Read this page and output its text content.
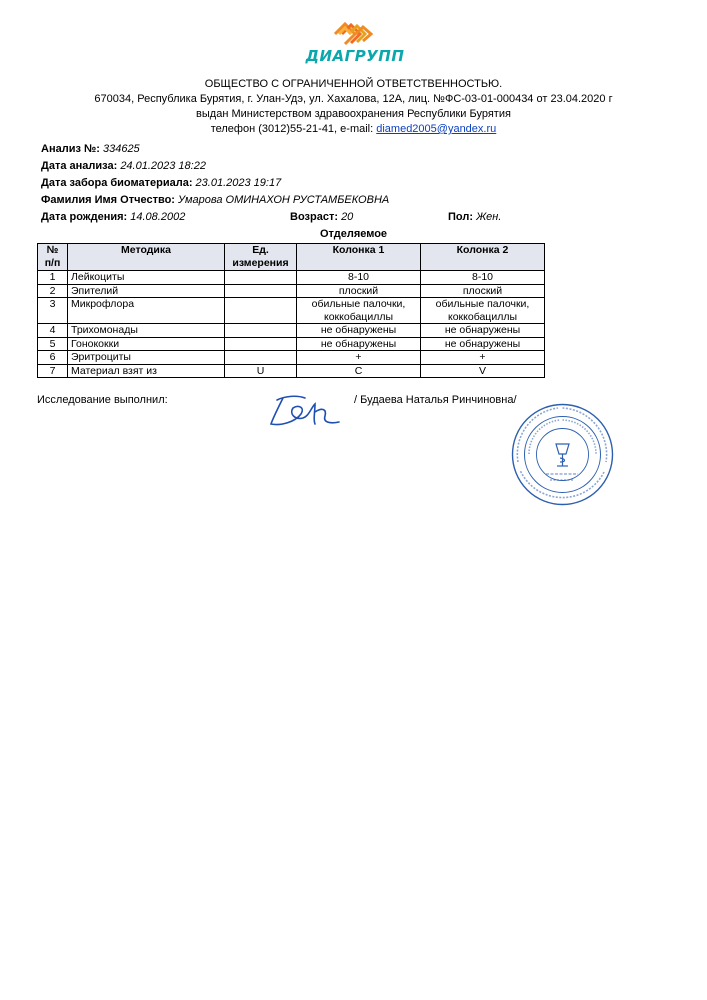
ДИАГРУПП
ОБЩЕСТВО С ОГРАНИЧЕННОЙ ОТВЕТСТВЕННОСТЬЮ.
670034, Республика Бурятия, г. Улан-Удэ, ул. Хахалова, 12А, лиц. №ФС-03-01-000434 от 23.04.2020 г
выдан Министерством здравоохранения Республики Бурятия
телефон (3012)55-21-41, e-mail: diamed2005@yandex.ru
Анализ №: 334625
Дата анализа: 24.01.2023 18:22
Дата забора биоматериала: 23.01.2023 19:17
Фамилия Имя Отчество: Умарова ОМИНАХОН РУСТАМБЕКОВНА
Дата рождения: 14.08.2002	Возраст: 20	Пол: Жен.
Отделяемое
№ п/п	Методика	Ед. измерения	Колонка 1	Колонка 2
1	Лейкоциты		8-10	8-10
2	Эпителий		плоский	плоский
3	Микрофлора		обильные палочки, коккобациллы	обильные палочки, коккобациллы
4	Трихомонады		не обнаружены	не обнаружены
5	Гонококки		не обнаружены	не обнаружены
6	Эритроциты		+	+
7	Материал взят из	U	C	V
Исследование выполнил:	/ Будаева Наталья Ринчиновна/
